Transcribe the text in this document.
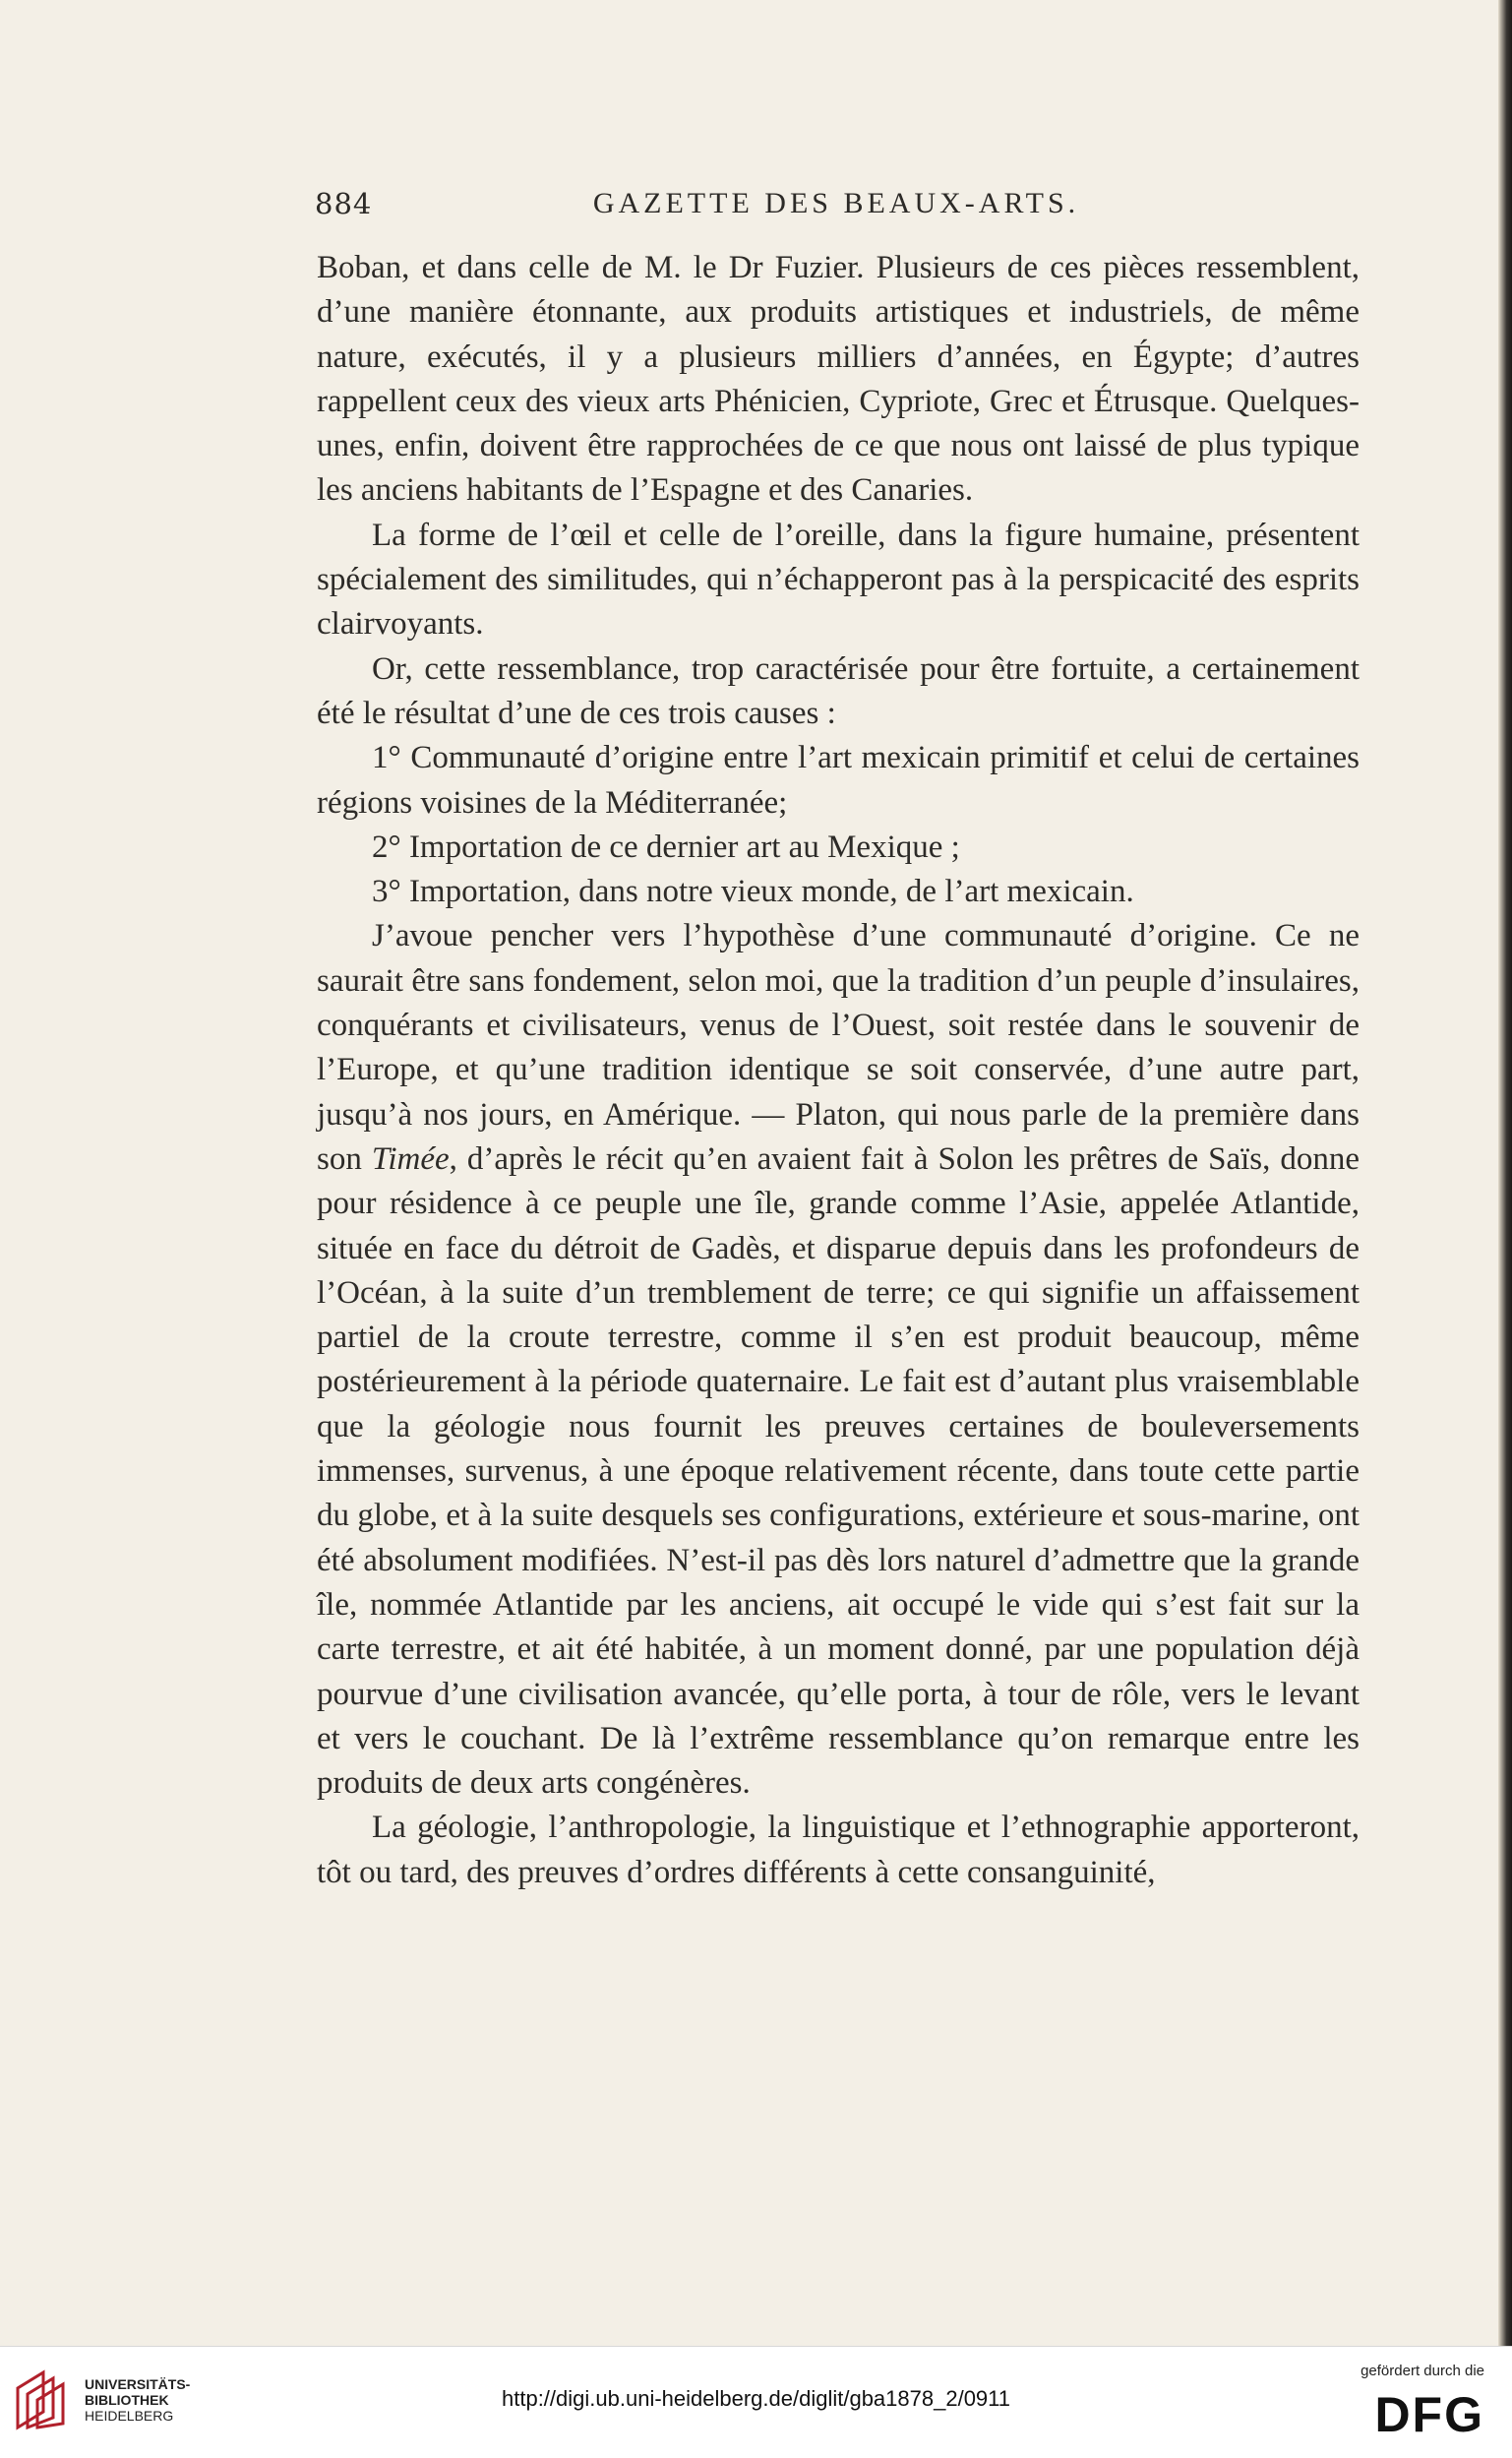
884	GAZETTE DES BEAUX-ARTS.

Boban, et dans celle de M. le Dr Fuzier. Plusieurs de ces pièces ressemblent, d’une manière étonnante, aux produits artistiques et industriels, de même nature, exécutés, il y a plusieurs milliers d’années, en Égypte; d’autres rappellent ceux des vieux arts Phénicien, Cypriote, Grec et Étrusque. Quelques-unes, enfin, doivent être rapprochées de ce que nous ont laissé de plus typique les anciens habitants de l’Espagne et des Canaries.

La forme de l’œil et celle de l’oreille, dans la figure humaine, présentent spécialement des similitudes, qui n’échapperont pas à la perspicacité des esprits clairvoyants.

Or, cette ressemblance, trop caractérisée pour être fortuite, a certainement été le résultat d’une de ces trois causes :

1° Communauté d’origine entre l’art mexicain primitif et celui de certaines régions voisines de la Méditerranée;

2° Importation de ce dernier art au Mexique ;

3° Importation, dans notre vieux monde, de l’art mexicain.

J’avoue pencher vers l’hypothèse d’une communauté d’origine. Ce ne saurait être sans fondement, selon moi, que la tradition d’un peuple d’insulaires, conquérants et civilisateurs, venus de l’Ouest, soit restée dans le souvenir de l’Europe, et qu’une tradition identique se soit conservée, d’une autre part, jusqu’à nos jours, en Amérique. — Platon, qui nous parle de la première dans son Timée, d’après le récit qu’en avaient fait à Solon les prêtres de Saïs, donne pour résidence à ce peuple une île, grande comme l’Asie, appelée Atlantide, située en face du détroit de Gadès, et disparue depuis dans les profondeurs de l’Océan, à la suite d’un tremblement de terre; ce qui signifie un affaissement partiel de la croute terrestre, comme il s’en est produit beaucoup, même postérieurement à la période quaternaire. Le fait est d’autant plus vraisemblable que la géologie nous fournit les preuves certaines de bouleversements immenses, survenus, à une époque relativement récente, dans toute cette partie du globe, et à la suite desquels ses configurations, extérieure et sous-marine, ont été absolument modifiées. N’est-il pas dès lors naturel d’admettre que la grande île, nommée Atlantide par les anciens, ait occupé le vide qui s’est fait sur la carte terrestre, et ait été habitée, à un moment donné, par une population déjà pourvue d’une civilisation avancée, qu’elle porta, à tour de rôle, vers le levant et vers le couchant. De là l’extrême ressemblance qu’on remarque entre les produits de deux arts congénères.

La géologie, l’anthropologie, la linguistique et l’ethnographie apporteront, tôt ou tard, des preuves d’ordres différents à cette consanguinité,

UNIVERSITÄTS-
BIBLIOTHEK
HEIDELBERG
http://digi.ub.uni-heidelberg.de/diglit/gba1878_2/0911
gefördert durch die
DFG
